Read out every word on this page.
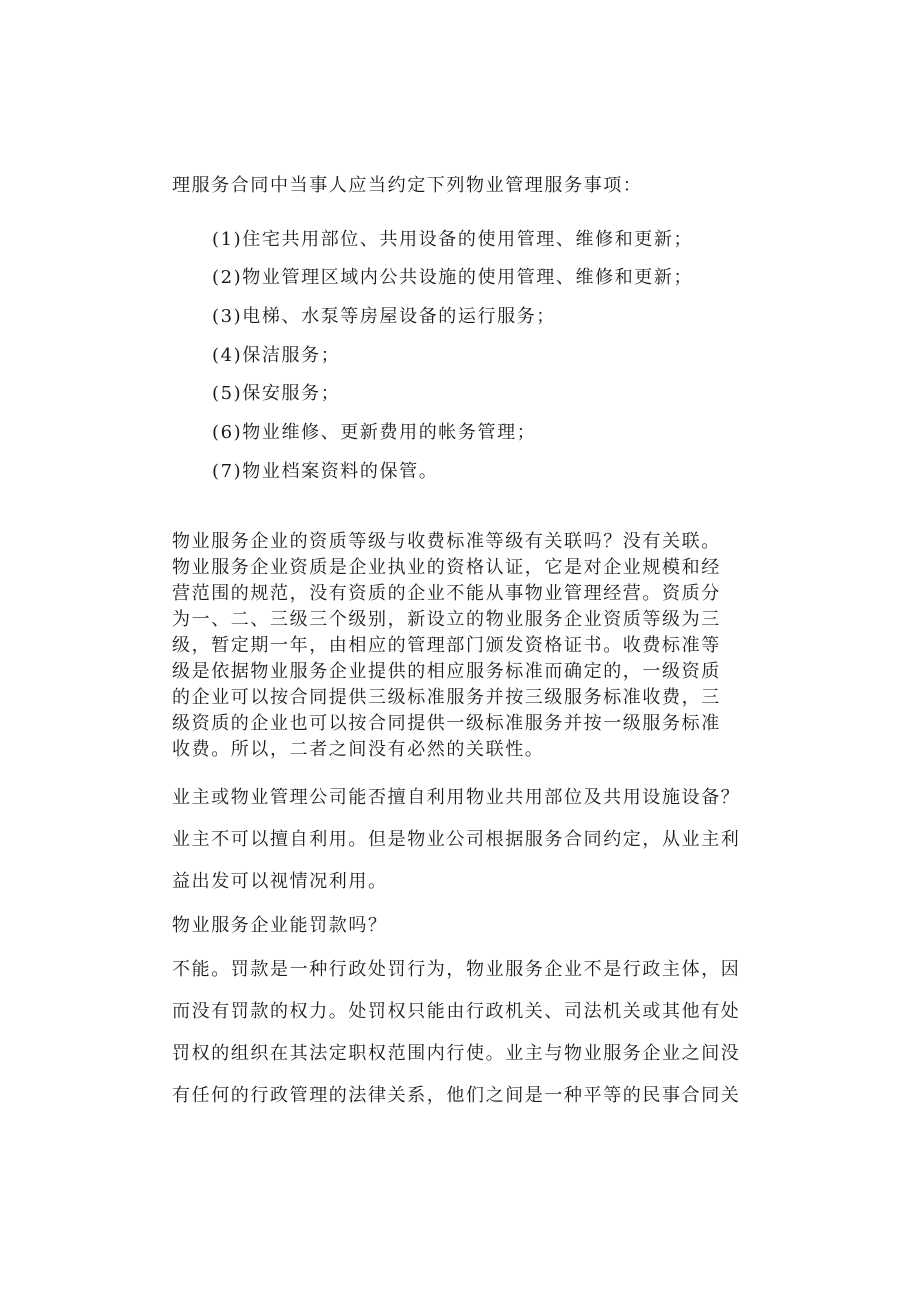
理服务合同中当事人应当约定下列物业管理服务事项：
(1)住宅共用部位、共用设备的使用管理、维修和更新；
(2)物业管理区域内公共设施的使用管理、维修和更新；
(3)电梯、水泵等房屋设备的运行服务；
(4)保洁服务；
(5)保安服务；
(6)物业维修、更新费用的帐务管理；
(7)物业档案资料的保管。
物业服务企业的资质等级与收费标准等级有关联吗？没有关联。
物业服务企业资质是企业执业的资格认证，它是对企业规模和经
营范围的规范，没有资质的企业不能从事物业管理经营。资质分
为一、二、三级三个级别，新设立的物业服务企业资质等级为三
级，暂定期一年，由相应的管理部门颁发资格证书。收费标准等
级是依据物业服务企业提供的相应服务标准而确定的，一级资质
的企业可以按合同提供三级标准服务并按三级服务标准收费，三
级资质的企业也可以按合同提供一级标准服务并按一级服务标准
收费。所以，二者之间没有必然的关联性。
业主或物业管理公司能否擅自利用物业共用部位及共用设施设备？
业主不可以擅自利用。但是物业公司根据服务合同约定，从业主利
益出发可以视情况利用。
物业服务企业能罚款吗？
不能。罚款是一种行政处罚行为，物业服务企业不是行政主体，因
而没有罚款的权力。处罚权只能由行政机关、司法机关或其他有处
罚权的组织在其法定职权范围内行使。业主与物业服务企业之间没
有任何的行政管理的法律关系，他们之间是一种平等的民事合同关
